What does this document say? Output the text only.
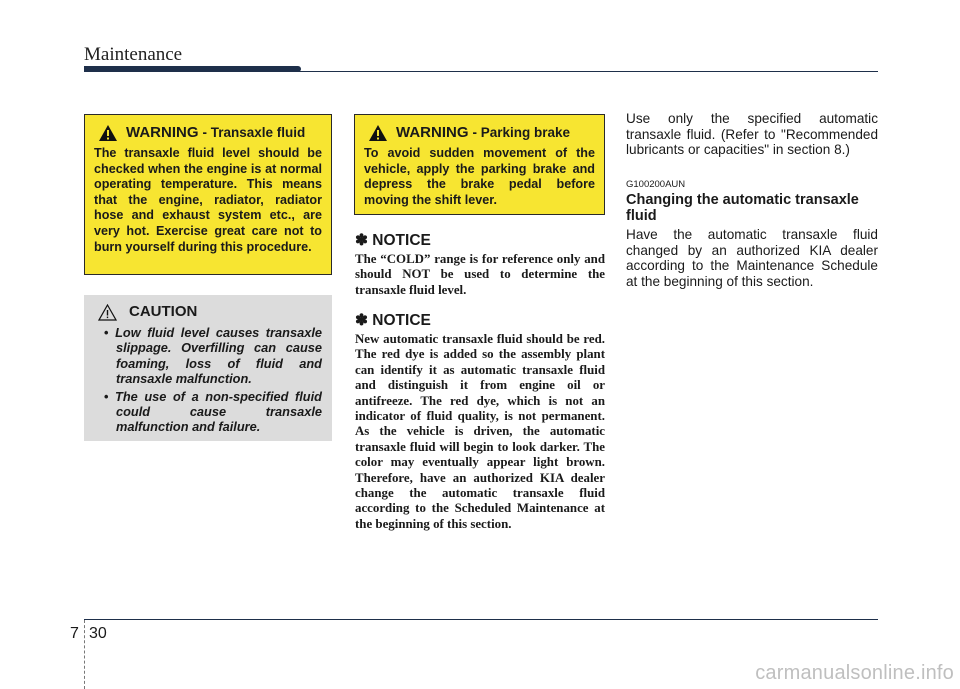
Maintenance
WARNING - Transaxle fluid
The transaxle fluid level should be checked when the engine is at normal operating temperature. This means that the engine, radiator, radiator hose and exhaust system etc., are very hot. Exercise great care not to burn yourself during this procedure.
CAUTION
• Low fluid level causes transaxle slippage. Overfilling can cause foaming, loss of fluid and transaxle malfunction.
• The use of a non-specified fluid could cause transaxle malfunction and failure.
WARNING - Parking brake
To avoid sudden movement of the vehicle, apply the parking brake and depress the brake pedal before moving the shift lever.
✽ NOTICE
The “COLD” range is for reference only and should NOT be used to determine the transaxle fluid level.
✽ NOTICE
New automatic transaxle fluid should be red. The red dye is added so the assembly plant can identify it as automatic transaxle fluid and distinguish it from engine oil or antifreeze. The red dye, which is not an indicator of fluid quality, is not permanent. As the vehicle is driven, the automatic transaxle fluid will begin to look darker. The color may eventually appear light brown. Therefore, have an authorized KIA dealer change the automatic transaxle fluid according to the Scheduled Maintenance at the beginning of this section.
Use only the specified automatic transaxle fluid. (Refer to "Recommended lubricants or capacities" in section 8.)
G100200AUN
Changing the automatic transaxle fluid
Have the automatic transaxle fluid changed by an authorized KIA dealer according to the Maintenance Schedule at the beginning of this section.
7 30
carmanualsonline.info
